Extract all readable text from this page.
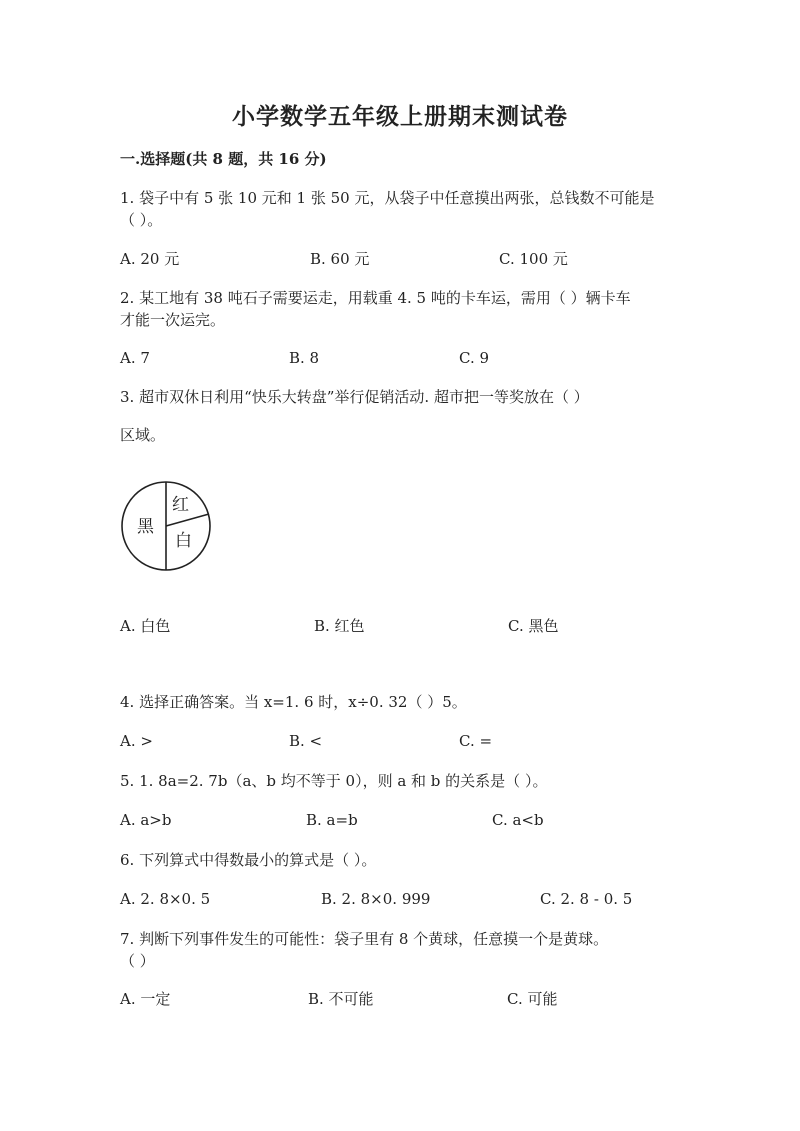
小学数学五年级上册期末测试卷
一.选择题(共 8 题，共 16 分)
1. 袋子中有 5 张 10 元和 1 张 50 元，从袋子中任意摸出两张，总钱数不可能是
（ ）。
A. 20 元	B. 60 元	C. 100 元
2. 某工地有 38 吨石子需要运走，用载重 4. 5 吨的卡车运，需用（ ）辆卡车
才能一次运完。
A. 7	B. 8	C. 9
3. 超市双休日利用“快乐大转盘”举行促销活动. 超市把一等奖放在（ ）
区域。
黑
红
白
A. 白色	B. 红色	C. 黑色
4. 选择正确答案。当 x=1. 6 时，x÷0. 32（ ）5。
A. >	B. <	C. =
5. 1. 8a=2. 7b（a、b 均不等于 0），则 a 和 b 的关系是（ ）。
A. a>b	B. a=b	C. a<b
6. 下列算式中得数最小的算式是（ ）。
A. 2. 8×0. 5	B. 2. 8×0. 999	C. 2. 8 - 0. 5
7. 判断下列事件发生的可能性：袋子里有 8 个黄球，任意摸一个是黄球。
（ ）
A. 一定	B. 不可能	C. 可能
